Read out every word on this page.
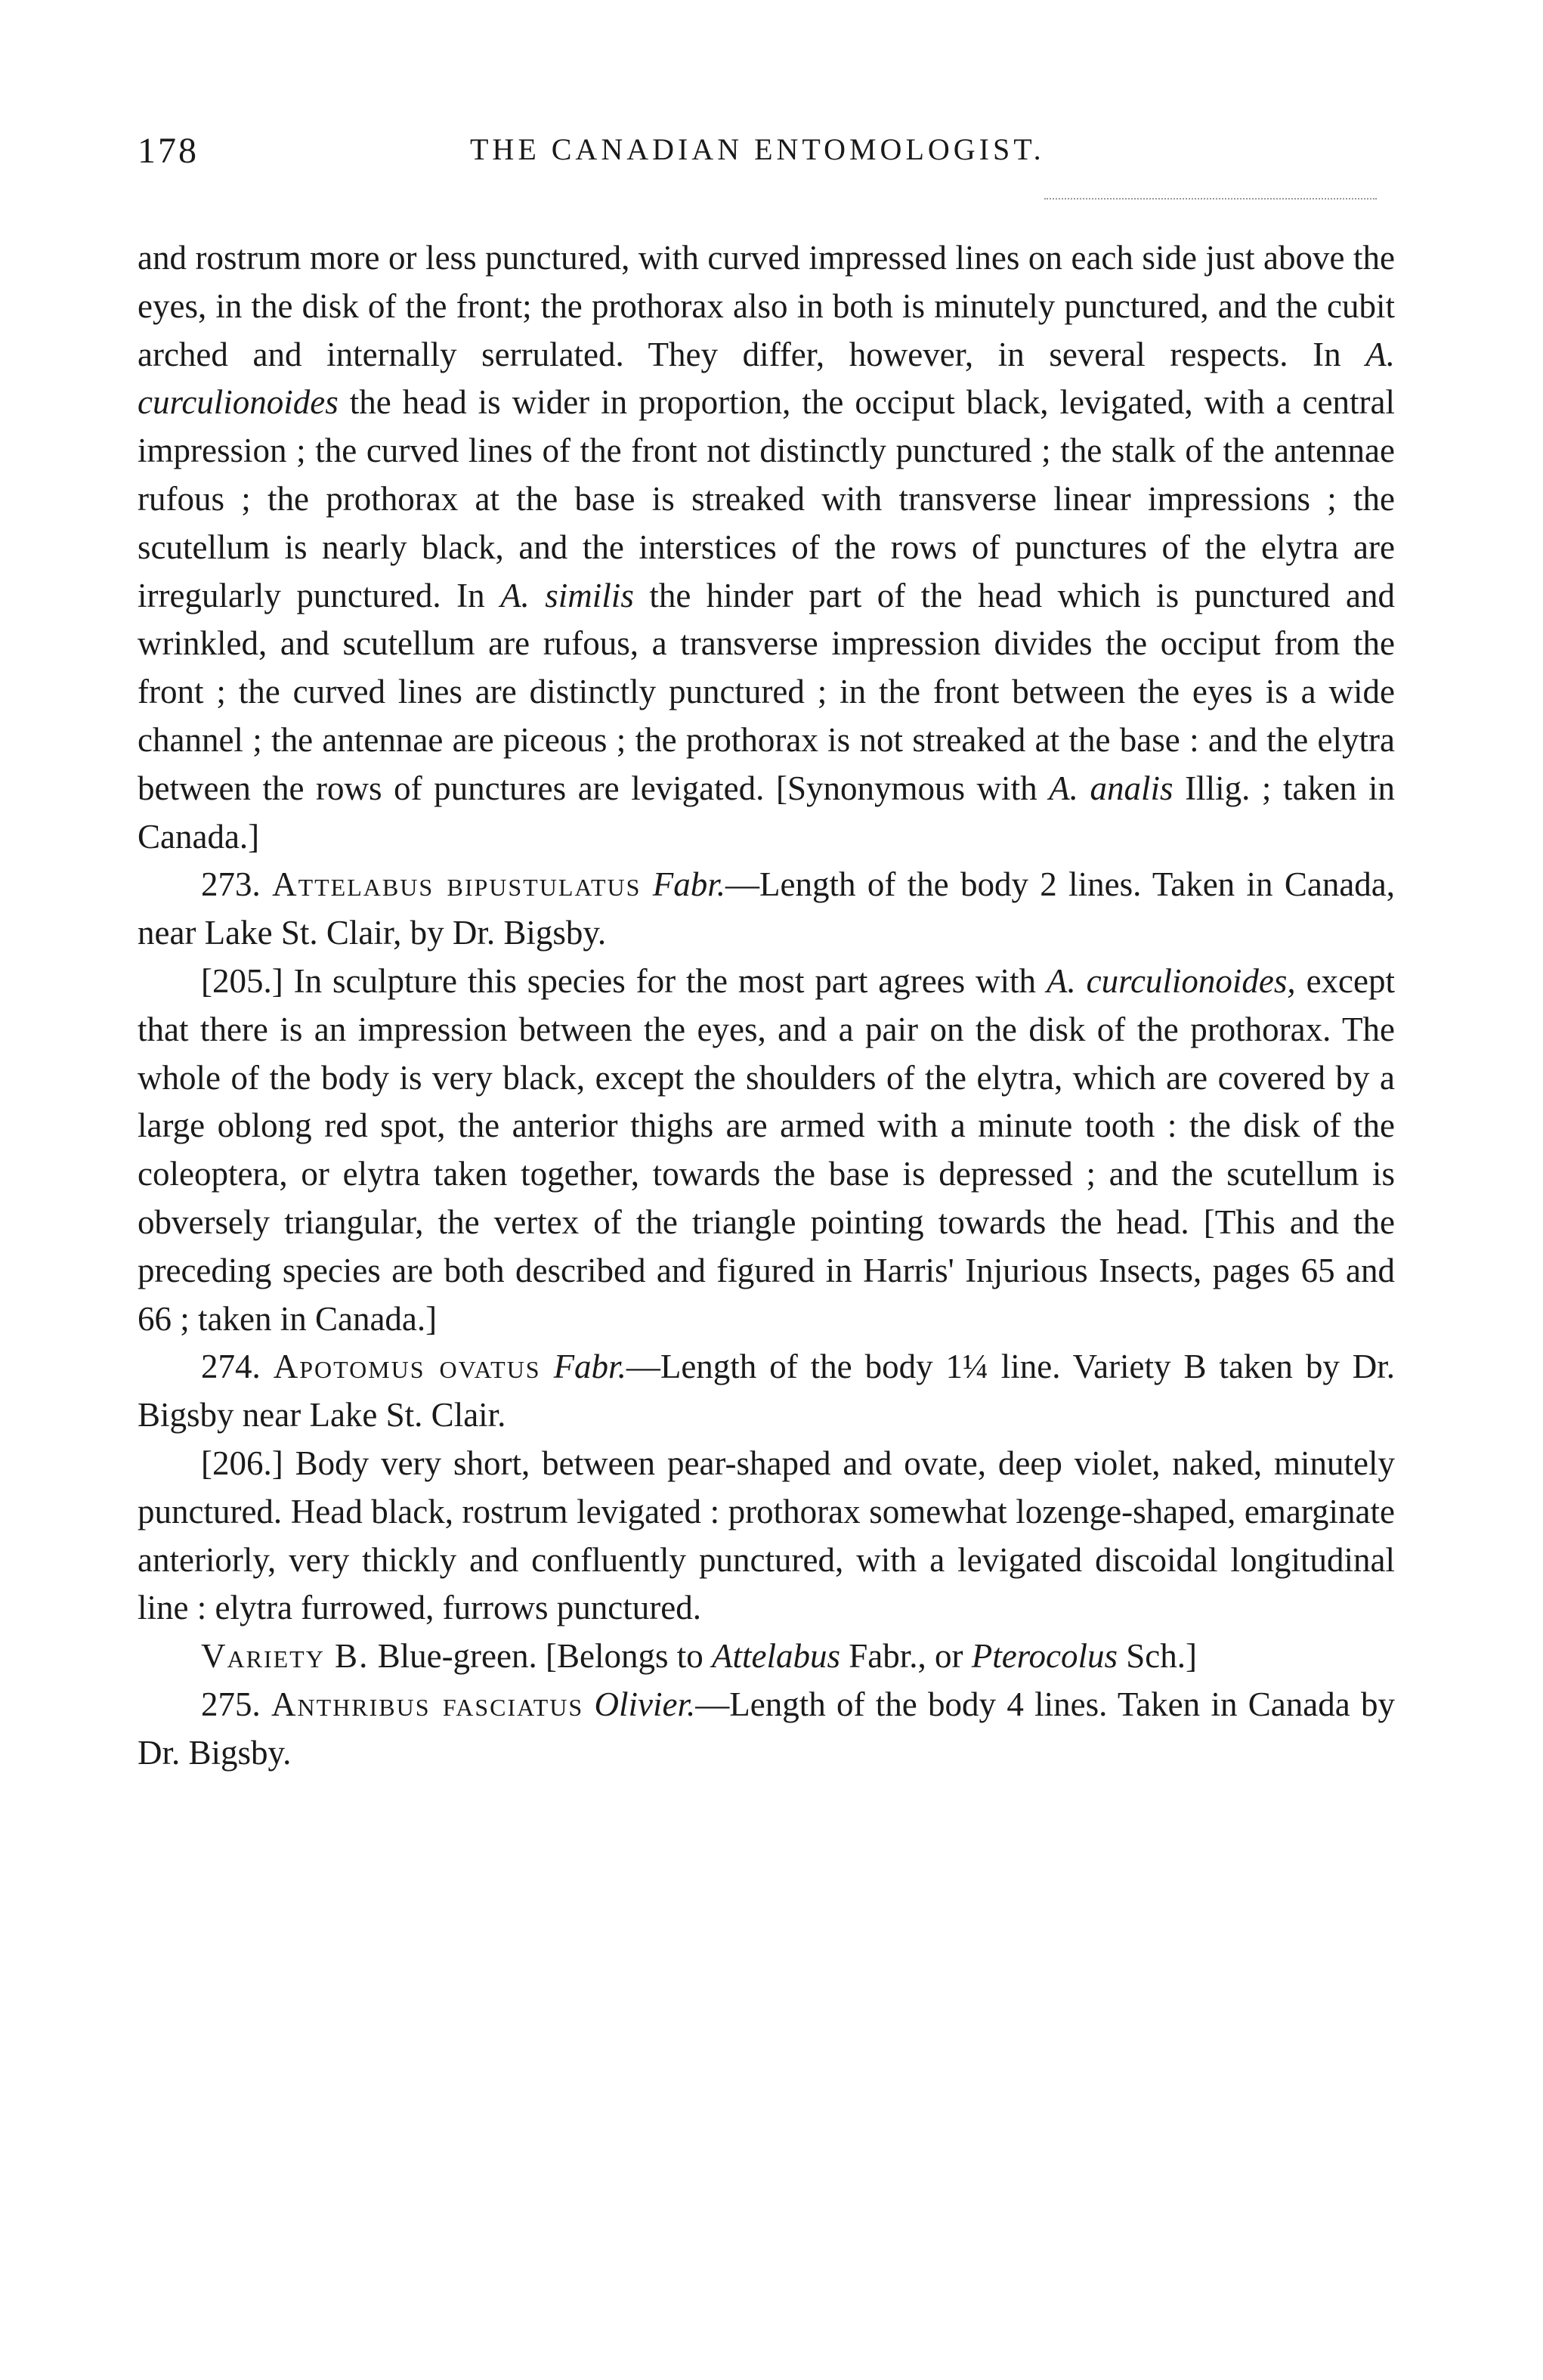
178	THE CANADIAN ENTOMOLOGIST.

and rostrum more or less punctured, with curved impressed lines on each side just above the eyes, in the disk of the front; the prothorax also in both is minutely punctured, and the cubit arched and internally serrulated. They differ, however, in several respects. In A. curculionoides the head is wider in proportion, the occiput black, levigated, with a central impression ; the curved lines of the front not distinctly punctured ; the stalk of the antennae rufous ; the prothorax at the base is streaked with transverse linear impressions ; the scutellum is nearly black, and the interstices of the rows of punctures of the elytra are irregularly punctured. In A. similis the hinder part of the head which is punctured and wrinkled, and scutellum are rufous, a transverse impression divides the occiput from the front ; the curved lines are distinctly punctured ; in the front between the eyes is a wide channel ; the antennae are piceous ; the prothorax is not streaked at the base : and the elytra between the rows of punctures are levigated. [Synonymous with A. analis Illig. ; taken in Canada.]

273. Attelabus bipustulatus Fabr.—Length of the body 2 lines. Taken in Canada, near Lake St. Clair, by Dr. Bigsby.

[205.] In sculpture this species for the most part agrees with A. curculionoides, except that there is an impression between the eyes, and a pair on the disk of the prothorax. The whole of the body is very black, except the shoulders of the elytra, which are covered by a large oblong red spot, the anterior thighs are armed with a minute tooth : the disk of the coleoptera, or elytra taken together, towards the base is depressed ; and the scutellum is obversely triangular, the vertex of the triangle pointing towards the head. [This and the preceding species are both described and figured in Harris' Injurious Insects, pages 65 and 66 ; taken in Canada.]

274. Apotomus ovatus Fabr.—Length of the body 1¼ line. Variety B taken by Dr. Bigsby near Lake St. Clair.

[206.] Body very short, between pear-shaped and ovate, deep violet, naked, minutely punctured. Head black, rostrum levigated : prothorax somewhat lozenge-shaped, emarginate anteriorly, very thickly and confluently punctured, with a levigated discoidal longitudinal line : elytra furrowed, furrows punctured.

Variety B. Blue-green. [Belongs to Attelabus Fabr., or Pterocolus Sch.]

275. Anthribus fasciatus Olivier.—Length of the body 4 lines. Taken in Canada by Dr. Bigsby.
